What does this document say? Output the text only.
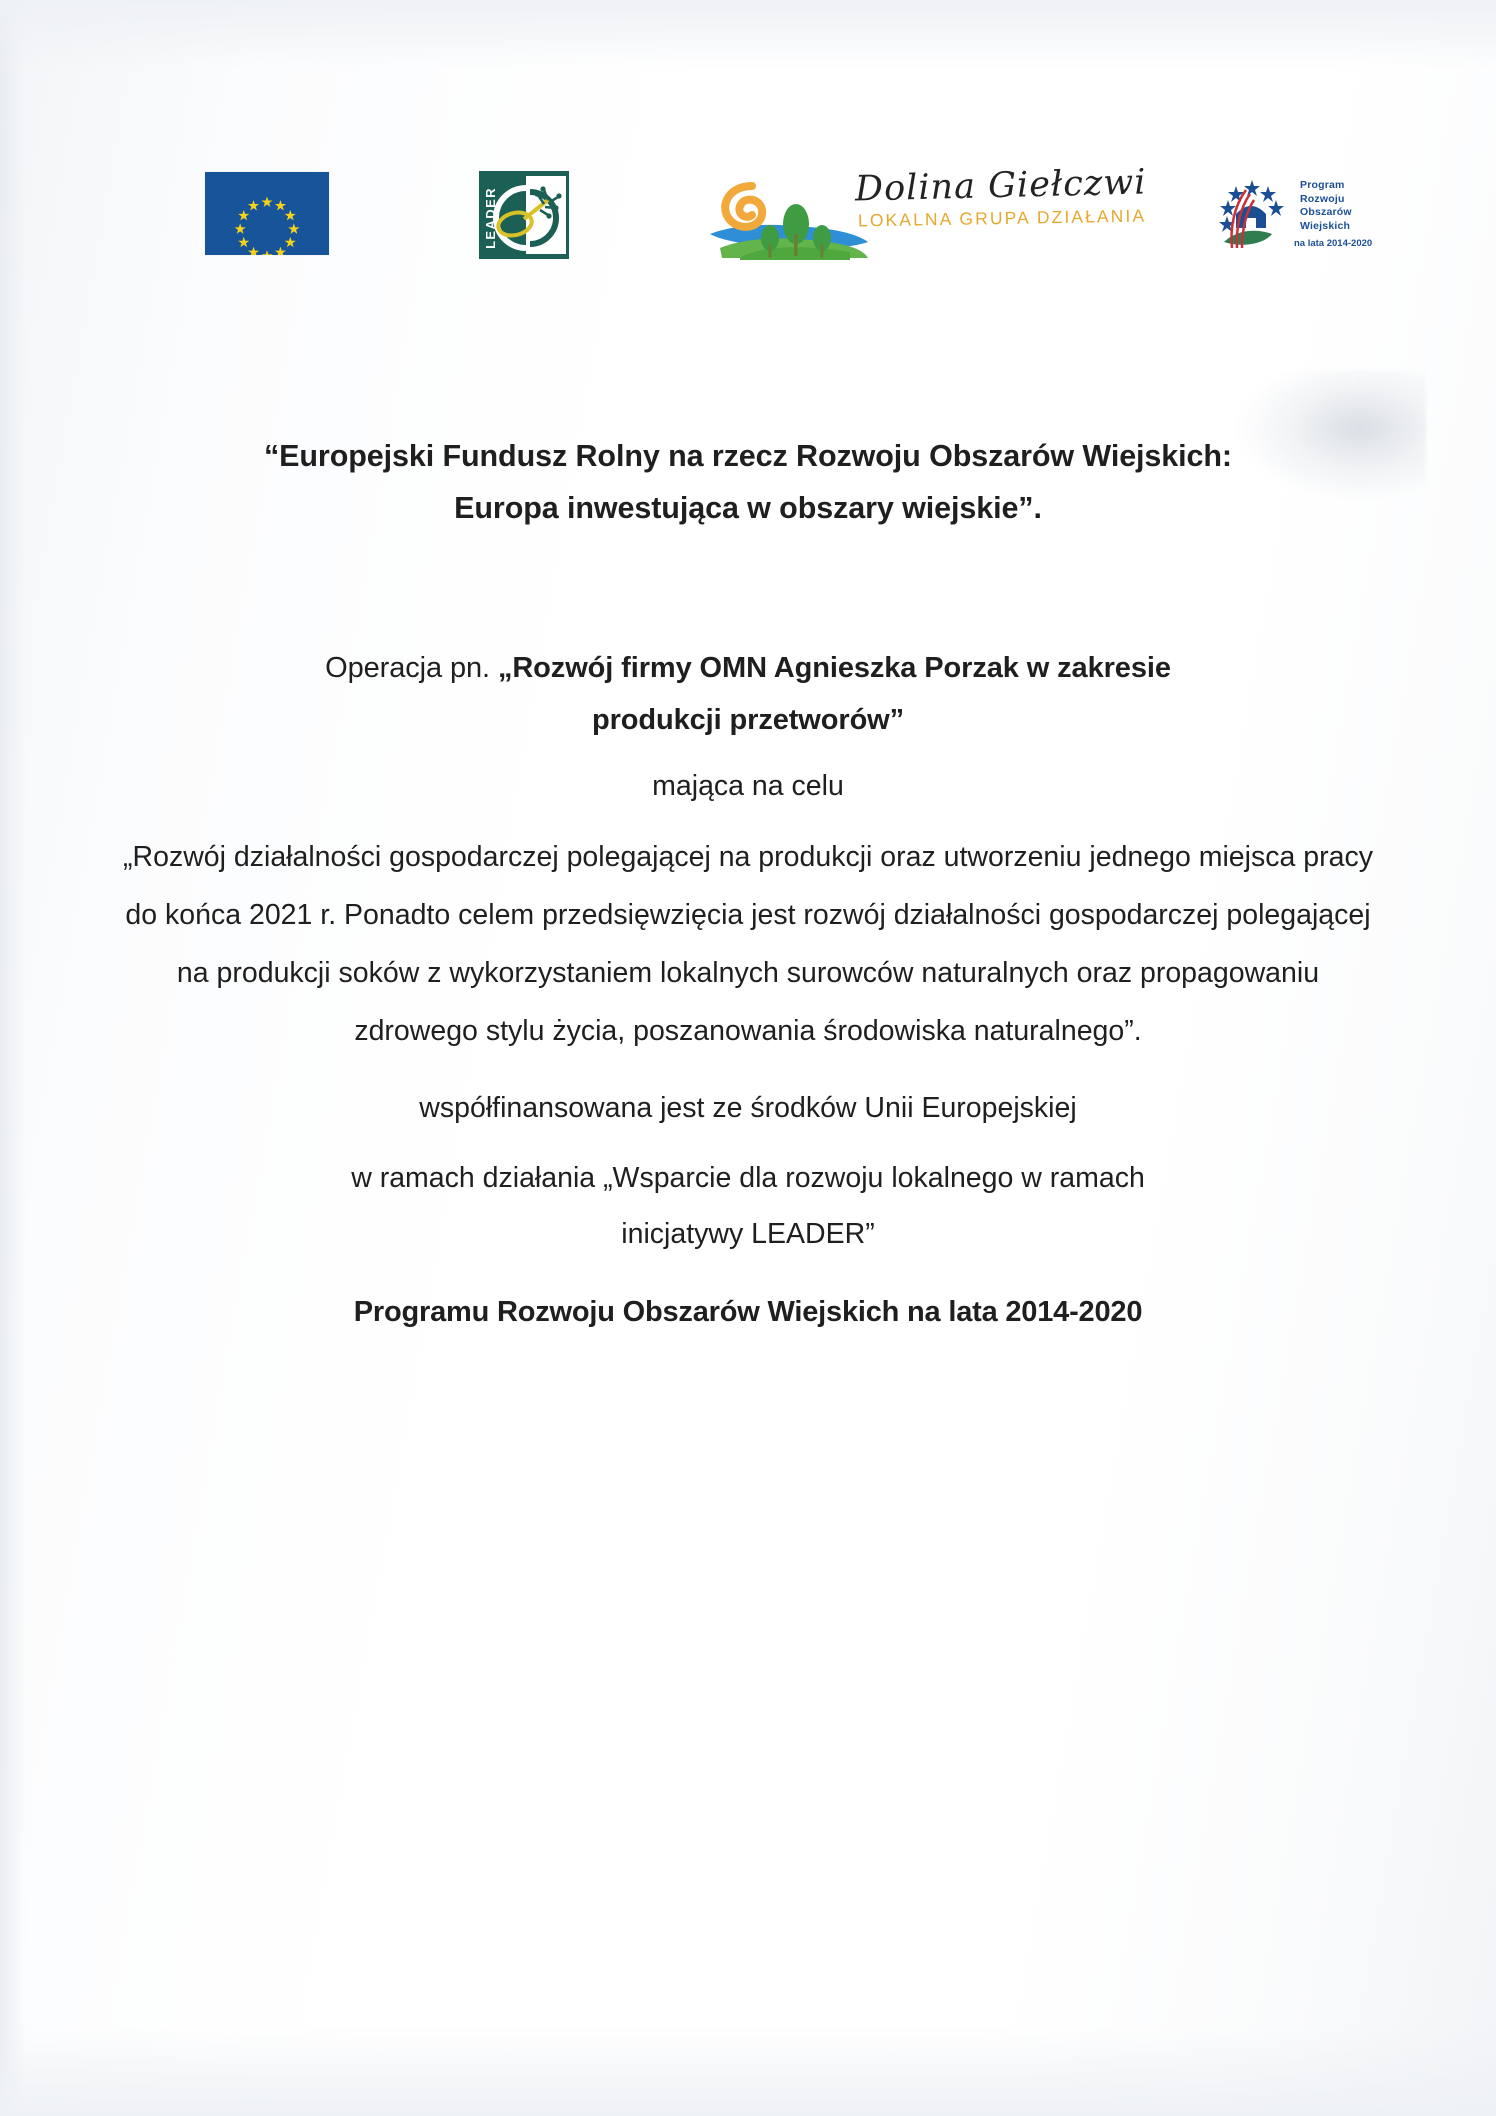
LEADER
Dolina Giełczwi
LOKALNA GRUPA DZIAŁANIA
Program
Rozwoju
Obszarów
Wiejskich
na lata 2014-2020
“Europejski Fundusz Rolny na rzecz Rozwoju Obszarów Wiejskich:
Europa inwestująca w obszary wiejskie”.
Operacja pn. „Rozwój firmy OMN Agnieszka Porzak w zakresie
produkcji przetworów”
mająca na celu
„Rozwój działalności gospodarczej polegającej na produkcji oraz utworzeniu jednego miejsca pracy do końca 2021 r. Ponadto celem przedsięwzięcia jest rozwój działalności gospodarczej polegającej na produkcji soków z wykorzystaniem lokalnych surowców naturalnych oraz propagowaniu zdrowego stylu życia, poszanowania środowiska naturalnego”.
współfinansowana jest ze środków Unii Europejskiej
w ramach działania „Wsparcie dla rozwoju lokalnego w ramach
inicjatywy LEADER”
Programu Rozwoju Obszarów Wiejskich na lata 2014-2020
